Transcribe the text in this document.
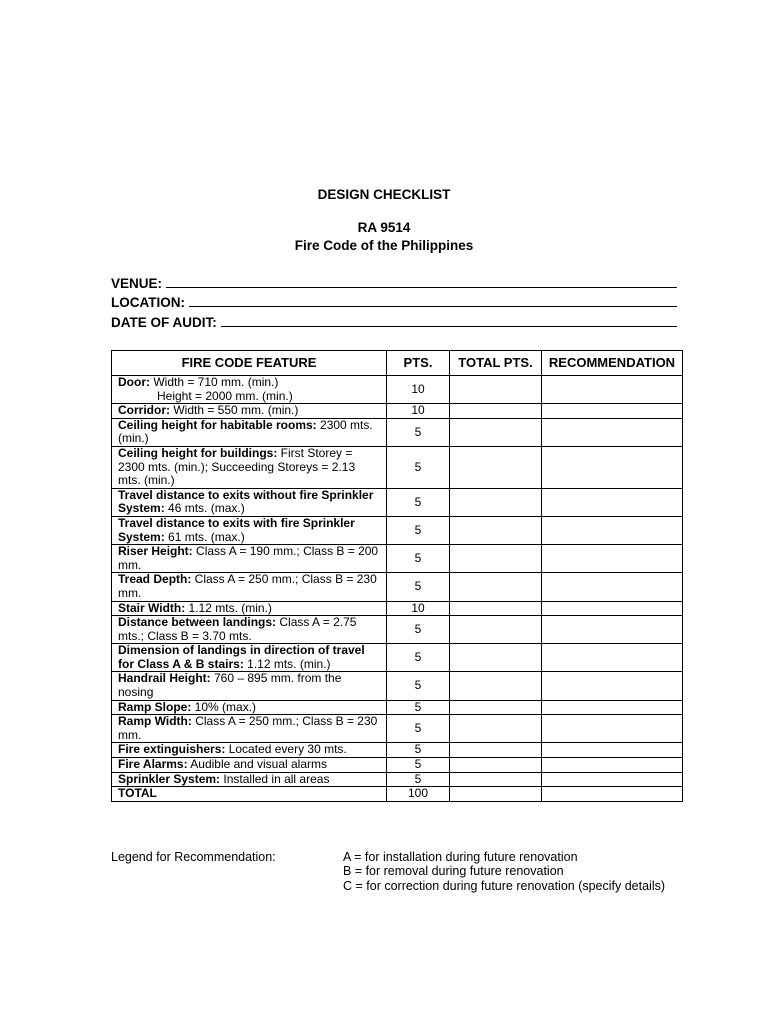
DESIGN CHECKLIST
RA 9514
Fire Code of the Philippines
VENUE:
LOCATION:
DATE OF AUDIT:
FIRE CODE FEATURE	PTS.	TOTAL PTS.	RECOMMENDATION
Door: Width = 710 mm. (min.)
Height = 2000 mm. (min.)	10		
Corridor: Width = 550 mm. (min.)	10		
Ceiling height for habitable rooms: 2300 mts. (min.)	5		
Ceiling height for buildings: First Storey = 2300 mts. (min.); Succeeding Storeys = 2.13 mts. (min.)	5		
Travel distance to exits without fire Sprinkler System: 46 mts. (max.)	5		
Travel distance to exits with fire Sprinkler System: 61 mts. (max.)	5		
Riser Height: Class A = 190 mm.; Class B = 200 mm.	5		
Tread Depth: Class A = 250 mm.; Class B = 230 mm.	5		
Stair Width: 1.12 mts. (min.)	10		
Distance between landings: Class A = 2.75 mts.; Class B = 3.70 mts.	5		
Dimension of landings in direction of travel for Class A & B stairs: 1.12 mts. (min.)	5		
Handrail Height: 760 – 895 mm. from the nosing	5		
Ramp Slope: 10% (max.)	5		
Ramp Width: Class A = 250 mm.; Class B = 230 mm.	5		
Fire extinguishers: Located every 30 mts.	5		
Fire Alarms: Audible and visual alarms	5		
Sprinkler System: Installed in all areas	5		
TOTAL	100		
Legend for Recommendation:	A = for installation during future renovation
B = for removal during future renovation
C = for correction during future renovation (specify details)
